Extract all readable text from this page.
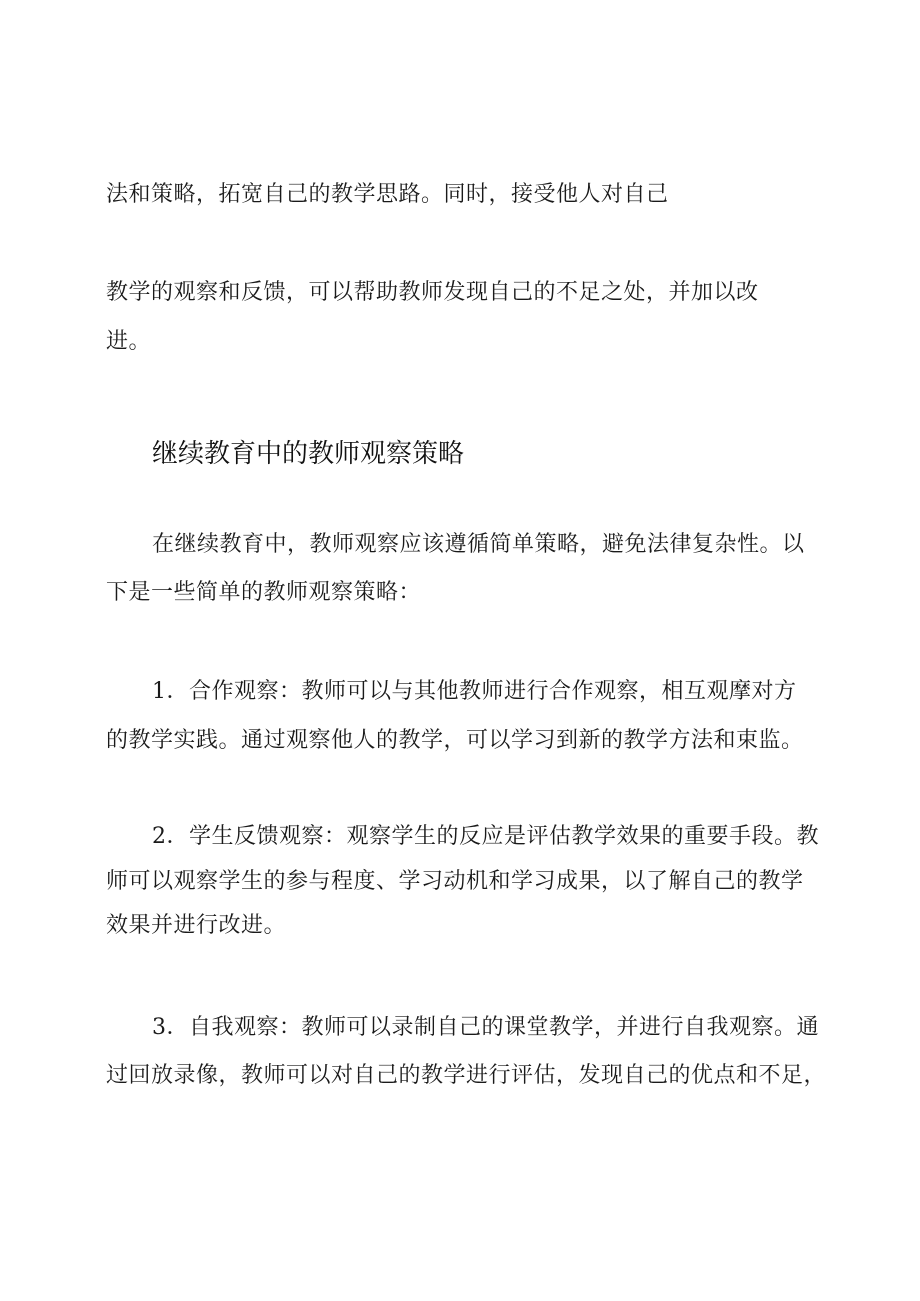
法和策略，拓宽自己的教学思路。同时，接受他人对自己
教学的观察和反馈，可以帮助教师发现自己的不足之处，并加以改
进。
继续教育中的教师观察策略
在继续教育中，教师观察应该遵循简单策略，避免法律复杂性。以
下是一些简单的教师观察策略：
1．合作观察：教师可以与其他教师进行合作观察，相互观摩对方
的教学实践。通过观察他人的教学，可以学习到新的教学方法和束监。
2．学生反馈观察：观察学生的反应是评估教学效果的重要手段。教
师可以观察学生的参与程度、学习动机和学习成果，以了解自己的教学
效果并进行改进。
3．自我观察：教师可以录制自己的课堂教学，并进行自我观察。通
过回放录像，教师可以对自己的教学进行评估，发现自己的优点和不足，
